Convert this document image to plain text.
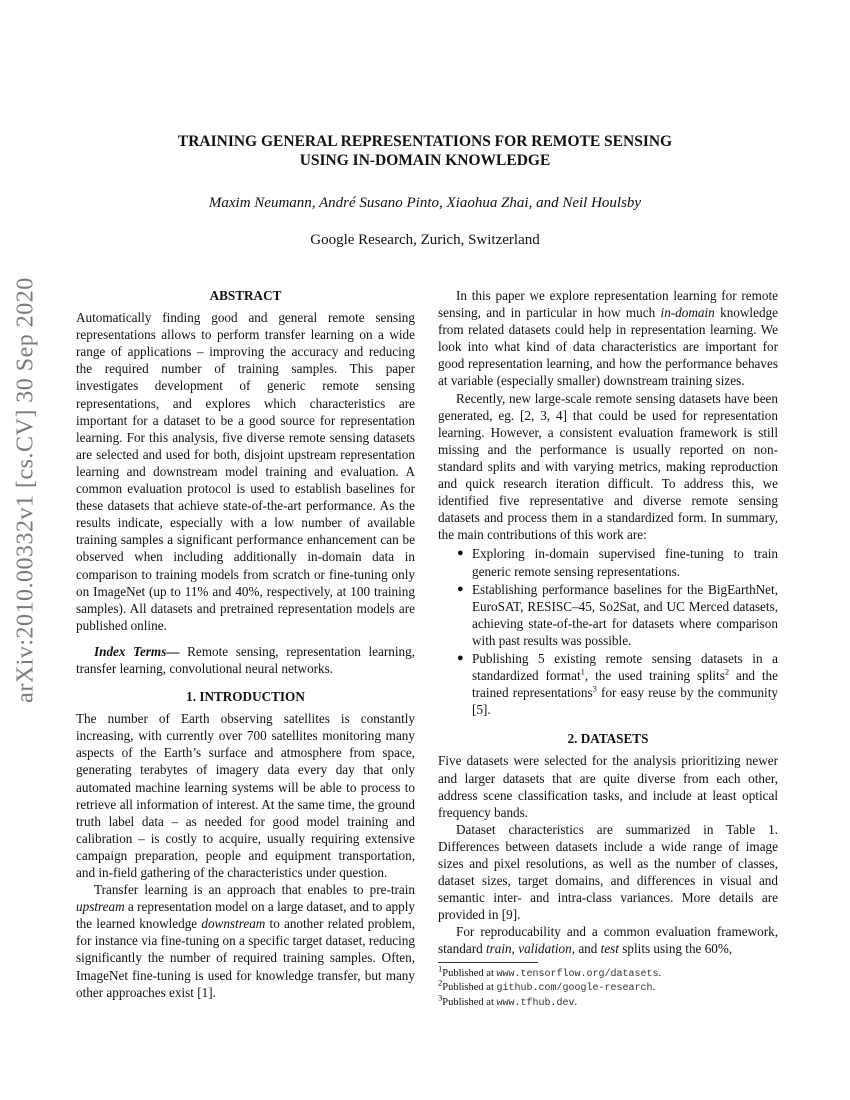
arXiv:2010.00332v1 [cs.CV] 30 Sep 2020
TRAINING GENERAL REPRESENTATIONS FOR REMOTE SENSING
USING IN-DOMAIN KNOWLEDGE
Maxim Neumann, André Susano Pinto, Xiaohua Zhai, and Neil Houlsby
Google Research, Zurich, Switzerland
ABSTRACT

Automatically finding good and general remote sensing representations allows to perform transfer learning on a wide range of applications – improving the accuracy and reducing the required number of training samples. This paper investigates development of generic remote sensing representations, and explores which characteristics are important for a dataset to be a good source for representation learning. For this analysis, five diverse remote sensing datasets are selected and used for both, disjoint upstream representation learning and downstream model training and evaluation. A common evaluation protocol is used to establish baselines for these datasets that achieve state-of-the-art performance. As the results indicate, especially with a low number of available training samples a significant performance enhancement can be observed when including additionally in-domain data in comparison to training models from scratch or fine-tuning only on ImageNet (up to 11% and 40%, respectively, at 100 training samples). All datasets and pretrained representation models are published online.

Index Terms— Remote sensing, representation learning, transfer learning, convolutional neural networks.

1. INTRODUCTION

The number of Earth observing satellites is constantly increasing, with currently over 700 satellites monitoring many aspects of the Earth’s surface and atmosphere from space, generating terabytes of imagery data every day that only automated machine learning systems will be able to process to retrieve all information of interest. At the same time, the ground truth label data – as needed for good model training and calibration – is costly to acquire, usually requiring extensive campaign preparation, people and equipment transportation, and in-field gathering of the characteristics under question.

Transfer learning is an approach that enables to pre-train upstream a representation model on a large dataset, and to apply the learned knowledge downstream to another related problem, for instance via fine-tuning on a specific target dataset, reducing significantly the number of required training samples. Often, ImageNet fine-tuning is used for knowledge transfer, but many other approaches exist [1].

In this paper we explore representation learning for remote sensing, and in particular in how much in-domain knowledge from related datasets could help in representation learning. We look into what kind of data characteristics are important for good representation learning, and how the performance behaves at variable (especially smaller) downstream training sizes.

Recently, new large-scale remote sensing datasets have been generated, eg. [2, 3, 4] that could be used for representation learning. However, a consistent evaluation framework is still missing and the performance is usually reported on non-standard splits and with varying metrics, making reproduction and quick research iteration difficult. To address this, we identified five representative and diverse remote sensing datasets and process them in a standardized form. In summary, the main contributions of this work are:

● Exploring in-domain supervised fine-tuning to train generic remote sensing representations.
● Establishing performance baselines for the BigEarthNet, EuroSAT, RESISC–45, So2Sat, and UC Merced datasets, achieving state-of-the-art for datasets where comparison with past results was possible.
● Publishing 5 existing remote sensing datasets in a standardized format$^1$, the used training splits$^2$ and the trained representations$^3$ for easy reuse by the community [5].
2. DATASETS

Five datasets were selected for the analysis prioritizing newer and larger datasets that are quite diverse from each other, address scene classification tasks, and include at least optical frequency bands.

Dataset characteristics are summarized in Table 1. Differences between datasets include a wide range of image sizes and pixel resolutions, as well as the number of classes, dataset sizes, target domains, and differences in visual and semantic inter- and intra-class variances. More details are provided in [9].

For reproducability and a common evaluation framework, standard train, validation, and test splits using the 60%,

$^1$Published at www.tensorflow.org/datasets.
$^2$Published at github.com/google-research.
$^3$Published at www.tfhub.dev.
